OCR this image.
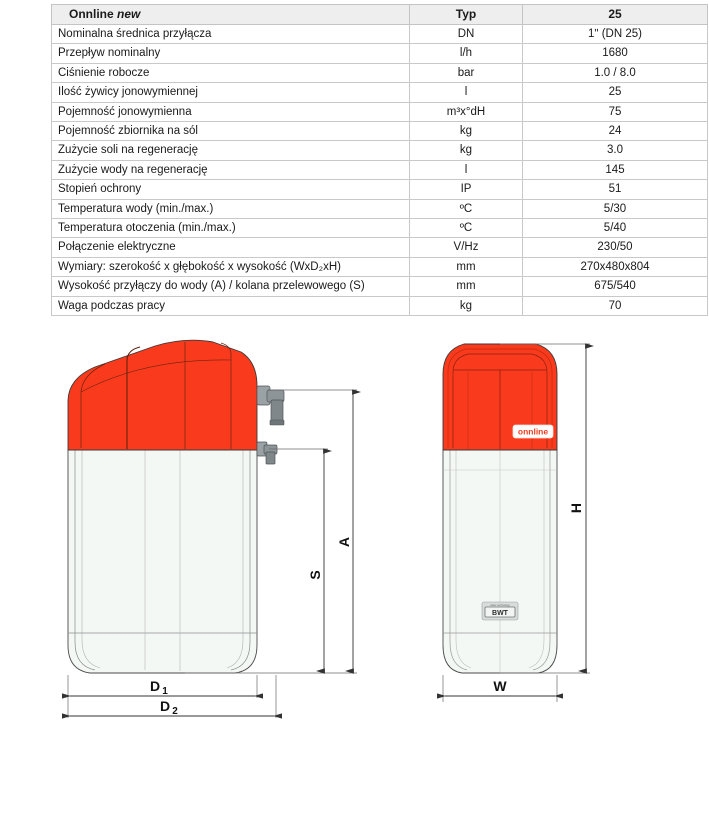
Onnline new	Typ	25
Nominalna średnica przyłącza	DN	1ʺ (DN 25)
Przepływ nominalny	l/h	1680
Ciśnienie robocze	bar	1.0 / 8.0
Ilość żywicy jonowymiennej	l	25
Pojemność jonowymienna	m³x°dH	75
Pojemność zbiornika na sól	kg	24
Zużycie soli na regenerację	kg	3.0
Zużycie wody na regenerację	l	145
Stopień ochrony	IP	51
Temperatura wody (min./max.)	ºC	5/30
Temperatura otoczenia (min./max.)	ºC	5/40
Połączenie elektryczne	V/Hz	230/50
Wymiary: szerokość x głębokość x wysokość (WxD₂xH)	mm	270x480x804
Wysokość przyłączy do wody (A) / kolana przelewowego (S)	mm	675/540
Waga podczas pracy	kg	70
A
S
D 1
D 2
water technology
BWT
onnline
H
W
